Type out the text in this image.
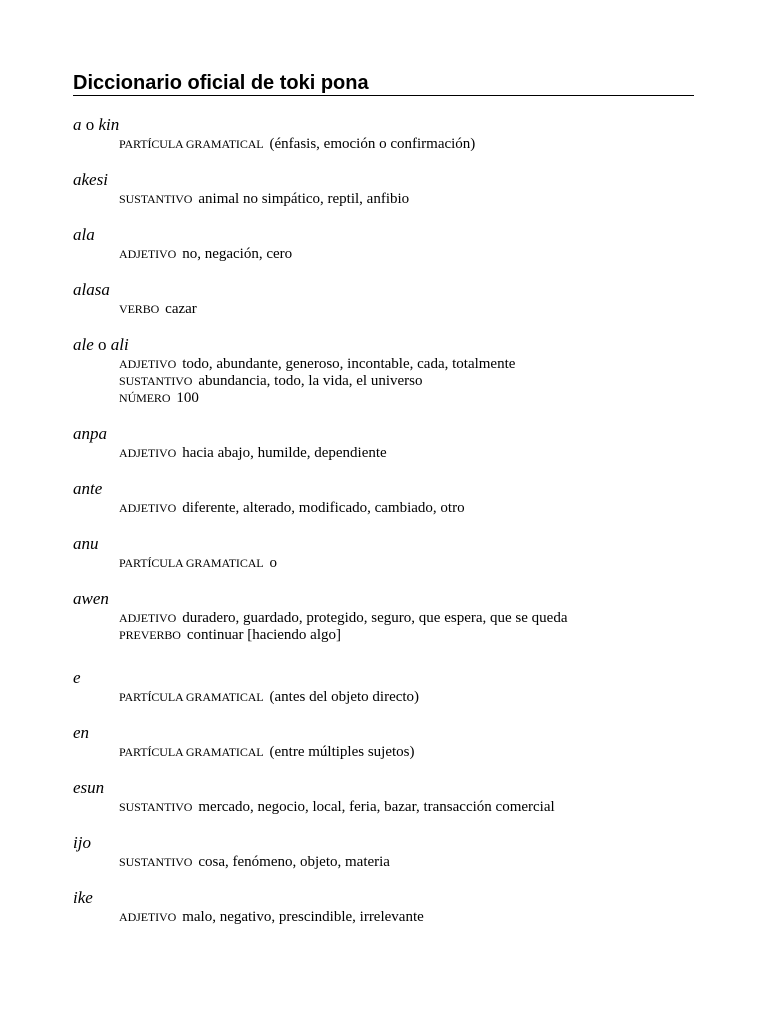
Diccionario oficial de toki pona
a o kin
PARTÍCULA GRAMATICAL (énfasis, emoción o confirmación)
akesi
SUSTANTIVO animal no simpático, reptil, anfibio
ala
ADJETIVO no, negación, cero
alasa
VERBO cazar
ale o ali
ADJETIVO todo, abundante, generoso, incontable, cada, totalmente
SUSTANTIVO abundancia, todo, la vida, el universo
NÚMERO 100
anpa
ADJETIVO hacia abajo, humilde, dependiente
ante
ADJETIVO diferente, alterado, modificado, cambiado, otro
anu
PARTÍCULA GRAMATICAL o
awen
ADJETIVO duradero, guardado, protegido, seguro, que espera, que se queda
PREVERBO continuar [haciendo algo]
e
PARTÍCULA GRAMATICAL (antes del objeto directo)
en
PARTÍCULA GRAMATICAL (entre múltiples sujetos)
esun
SUSTANTIVO mercado, negocio, local, feria, bazar, transacción comercial
ijo
SUSTANTIVO cosa, fenómeno, objeto, materia
ike
ADJETIVO malo, negativo, prescindible, irrelevante
